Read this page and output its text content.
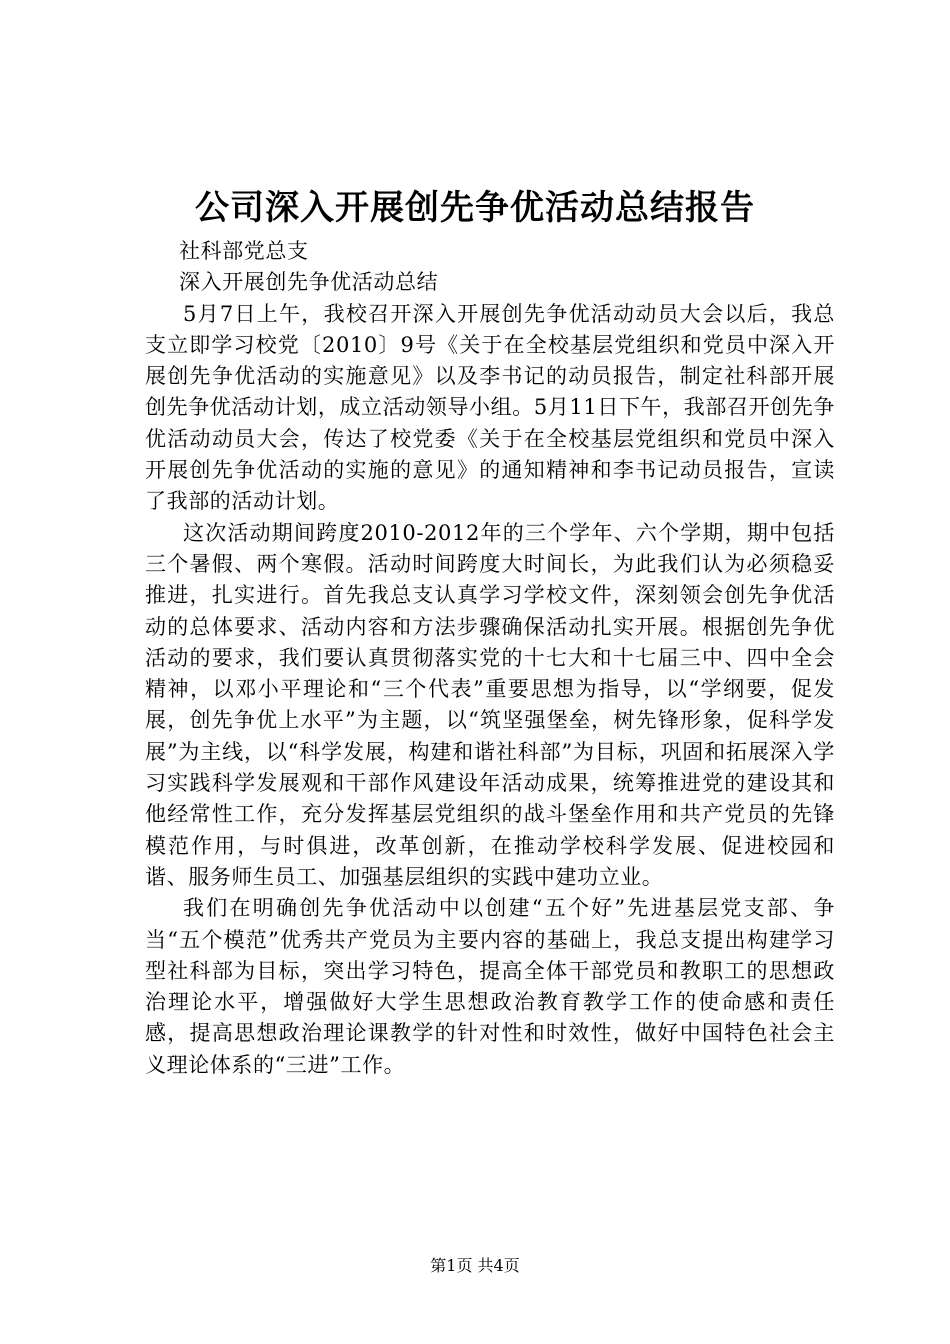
公司深入开展创先争优活动总结报告

社科部党总支

深入开展创先争优活动总结

5月7日上午，我校召开深入开展创先争优活动动员大会以后，我总支立即学习校党〔2010〕9号《关于在全校基层党组织和党员中深入开展创先争优活动的实施意见》以及李书记的动员报告，制定社科部开展创先争优活动计划，成立活动领导小组。5月11日下午，我部召开创先争优活动动员大会，传达了校党委《关于在全校基层党组织和党员中深入开展创先争优活动的实施的意见》的通知精神和李书记动员报告，宣读了我部的活动计划。

这次活动期间跨度2010-2012年的三个学年、六个学期，期中包括三个暑假、两个寒假。活动时间跨度大时间长，为此我们认为必须稳妥推进，扎实进行。首先我总支认真学习学校文件，深刻领会创先争优活动的总体要求、活动内容和方法步骤确保活动扎实开展。根据创先争优活动的要求，我们要认真贯彻落实党的十七大和十七届三中、四中全会精神，以邓小平理论和“三个代表”重要思想为指导，以“学纲要，促发展，创先争优上水平”为主题，以“筑坚强堡垒，树先锋形象，促科学发展”为主线，以“科学发展，构建和谐社科部”为目标，巩固和拓展深入学习实践科学发展观和干部作风建设年活动成果，统筹推进党的建设其和他经常性工作，充分发挥基层党组织的战斗堡垒作用和共产党员的先锋模范作用，与时俱进，改革创新，在推动学校科学发展、促进校园和谐、服务师生员工、加强基层组织的实践中建功立业。

我们在明确创先争优活动中以创建“五个好”先进基层党支部、争当“五个模范”优秀共产党员为主要内容的基础上，我总支提出构建学习型社科部为目标，突出学习特色，提高全体干部党员和教职工的思想政治理论水平，增强做好大学生思想政治教育教学工作的使命感和责任感，提高思想政治理论课教学的针对性和时效性，做好中国特色社会主义理论体系的“三进”工作。

第1页 共4页
